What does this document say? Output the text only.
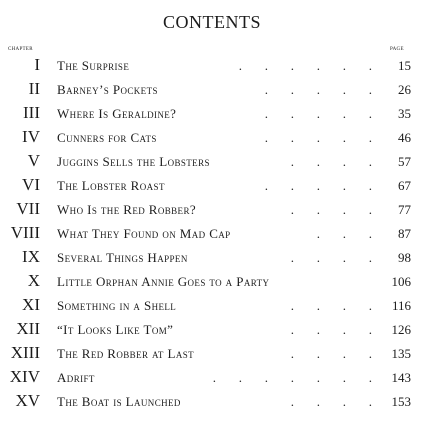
CONTENTS
CHAPTER	PAGE
I The Surprise	.       .       .       .       .       . 15
II Barney’s Pockets	.       .       .       .       . 26
III Where Is Geraldine?	.       .       .       .       . 35
IV Cunners for Cats	.       .       .       .       . 46
V Juggins Sells the Lobsters	.       .       .       . 57
VI The Lobster Roast	.       .       .       .       . 67
VII Who Is the Red Robber?	.       .       .       . 77
VIII What They Found on Mad Cap	.       .       . 87
IX Several Things Happen	.       .       .       . 98
X Little Orphan Annie Goes to a Party	106
XI Something in a Shell	.       .       .       . 116
XII “It Looks Like Tom”	.       .       .       . 126
XIII The Red Robber at Last	.       .       .       . 135
XIV Adrift	.       .       .       .       .       .       . 143
XV The Boat is Launched	.       .       .       . 153
